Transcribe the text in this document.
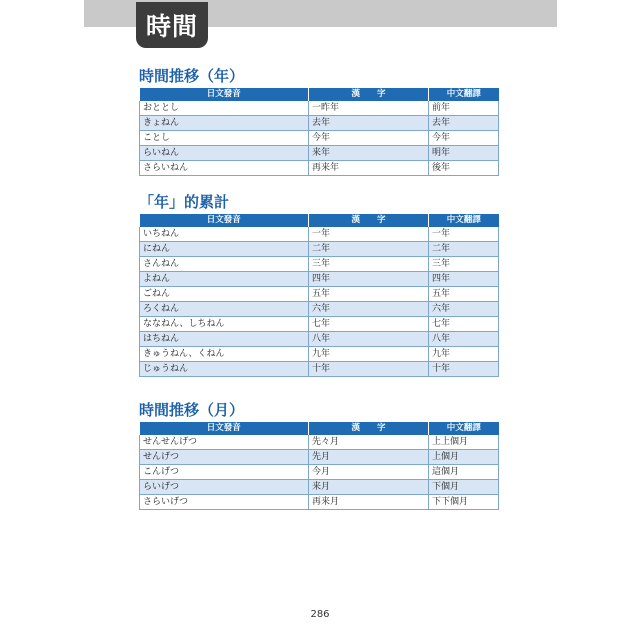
時間
時間推移（年）
日文發音	漢　　字	中文翻譯
おととし	一昨年	前年
きょねん	去年	去年
ことし	今年	今年
らいねん	来年	明年
さらいねん	再来年	後年
「年」的累計
日文發音	漢　　字	中文翻譯
いちねん	一年	一年
にねん	二年	二年
さんねん	三年	三年
よねん	四年	四年
ごねん	五年	五年
ろくねん	六年	六年
ななねん、しちねん	七年	七年
はちねん	八年	八年
きゅうねん、くねん	九年	九年
じゅうねん	十年	十年
時間推移（月）
日文發音	漢　　字	中文翻譯
せんせんげつ	先々月	上上個月
せんげつ	先月	上個月
こんげつ	今月	這個月
らいげつ	来月	下個月
さらいげつ	再来月	下下個月
286
